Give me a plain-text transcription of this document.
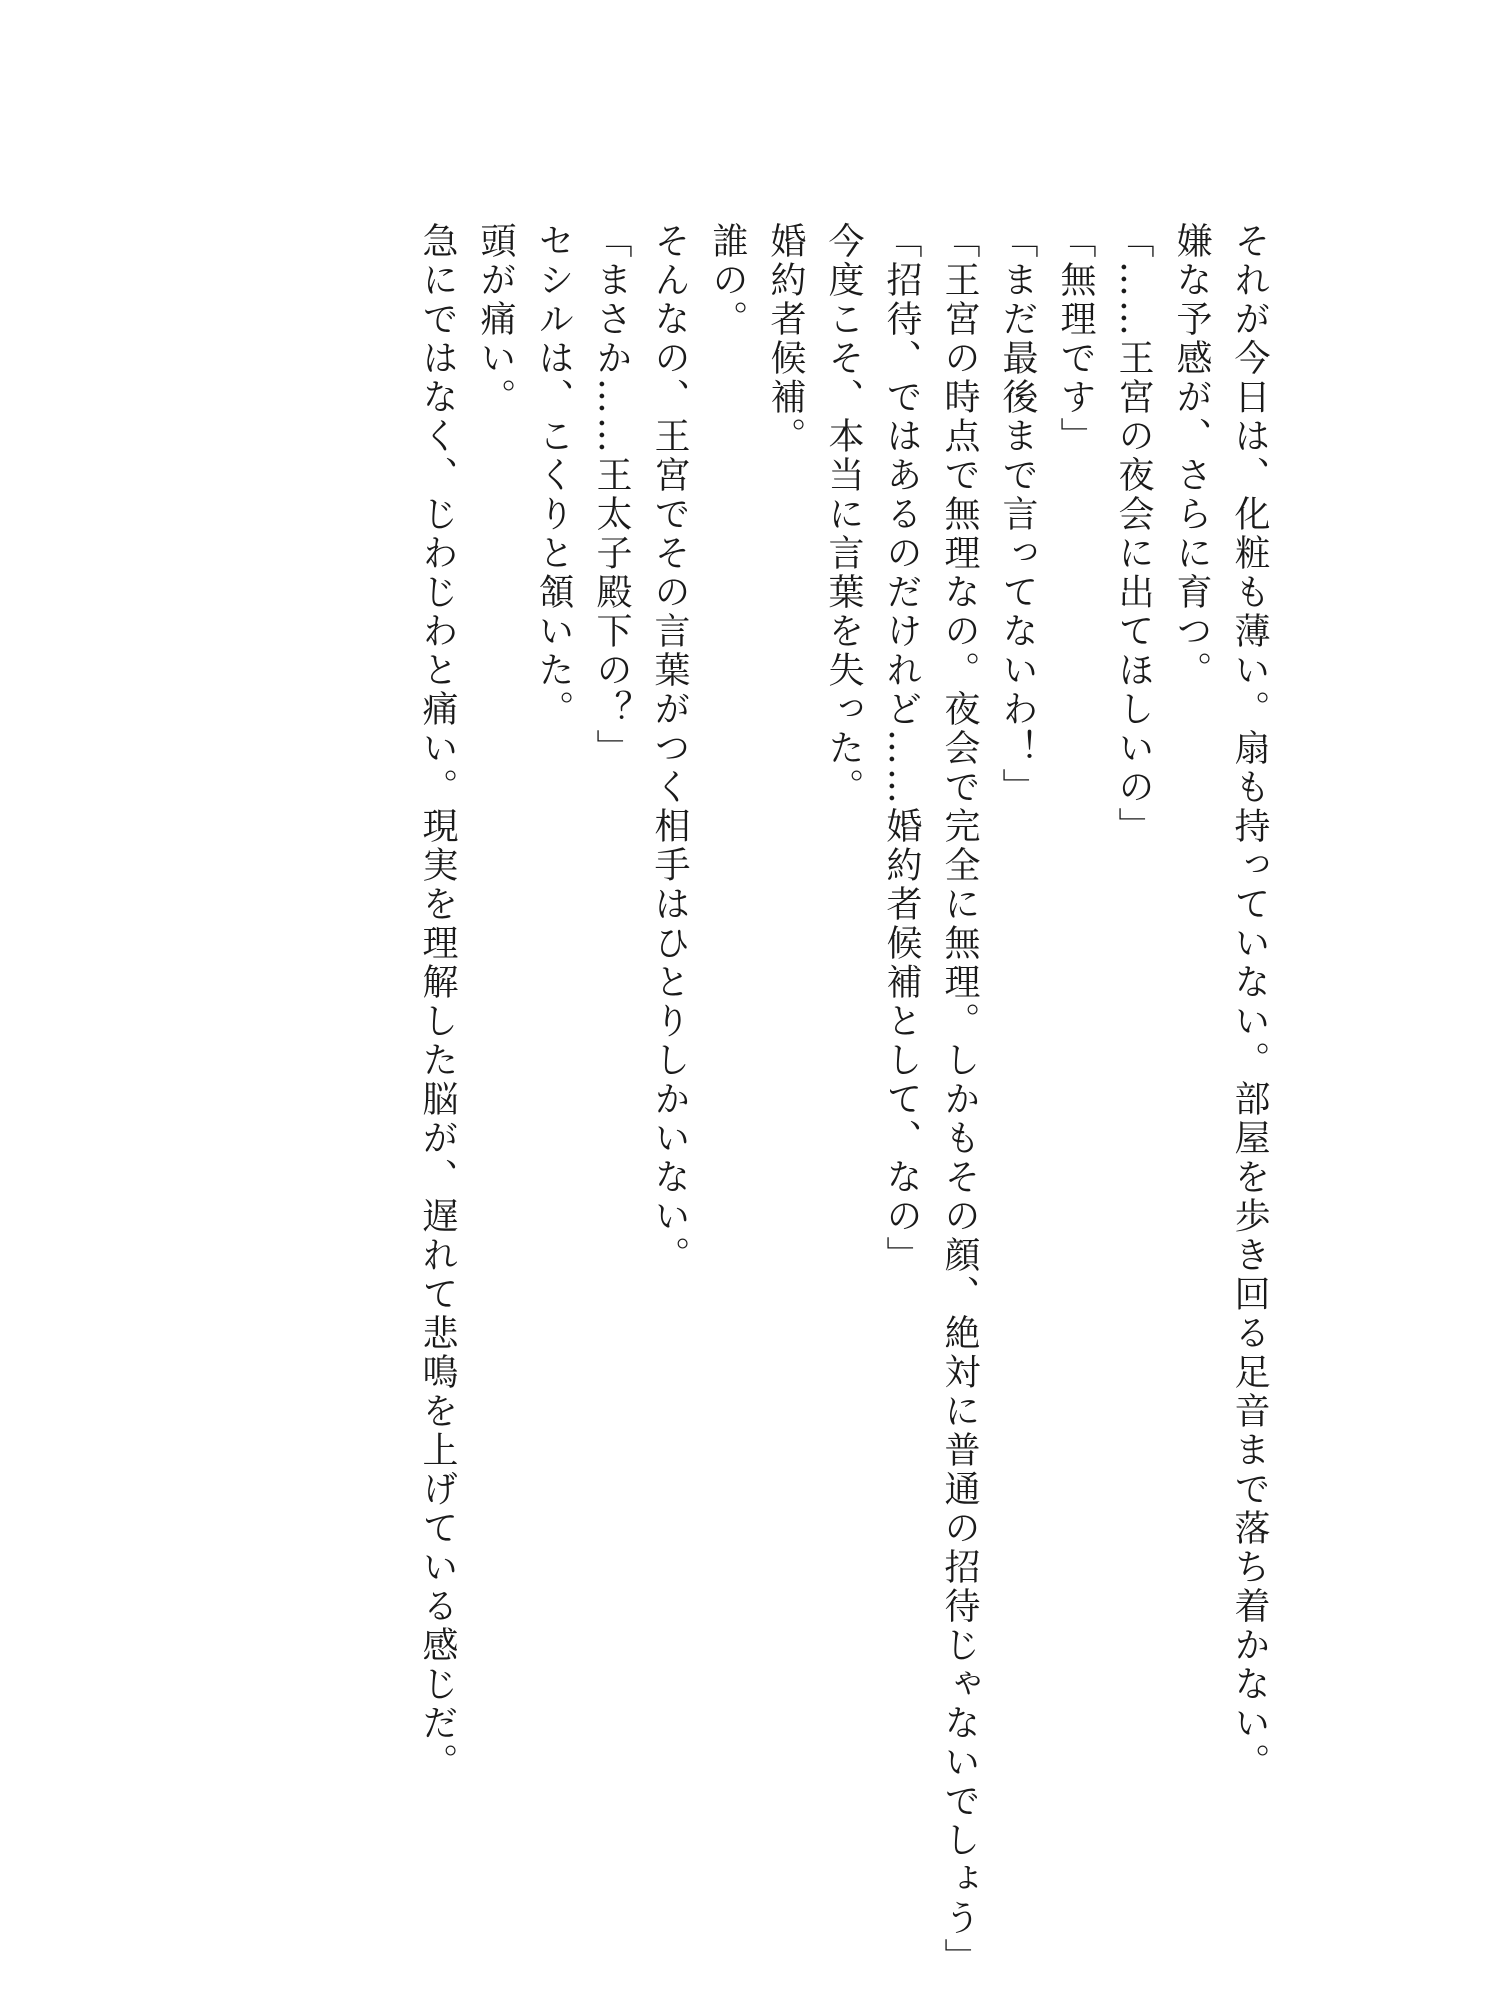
それが今日は、化粧も薄い。扇も持っていない。部屋を歩き回る足音まで落ち着かない。

嫌な予感が、さらに育つ。

「……王宮の夜会に出てほしいの」

「無理です」

「まだ最後まで言ってないわ！」

「王宮の時点で無理なの。夜会で完全に無理。しかもその顔、絶対に普通の招待じゃないでしょう」

「招待、ではあるのだけれど……婚約者候補として、なの」

今度こそ、本当に言葉を失った。

婚約者候補。

誰の。

そんなの、王宮でその言葉がつく相手はひとりしかいない。

「まさか……王太子殿下の？」

セシルは、こくりと頷いた。

頭が痛い。

急にではなく、じわじわと痛い。現実を理解した脳が、遅れて悲鳴を上げている感じだ。
